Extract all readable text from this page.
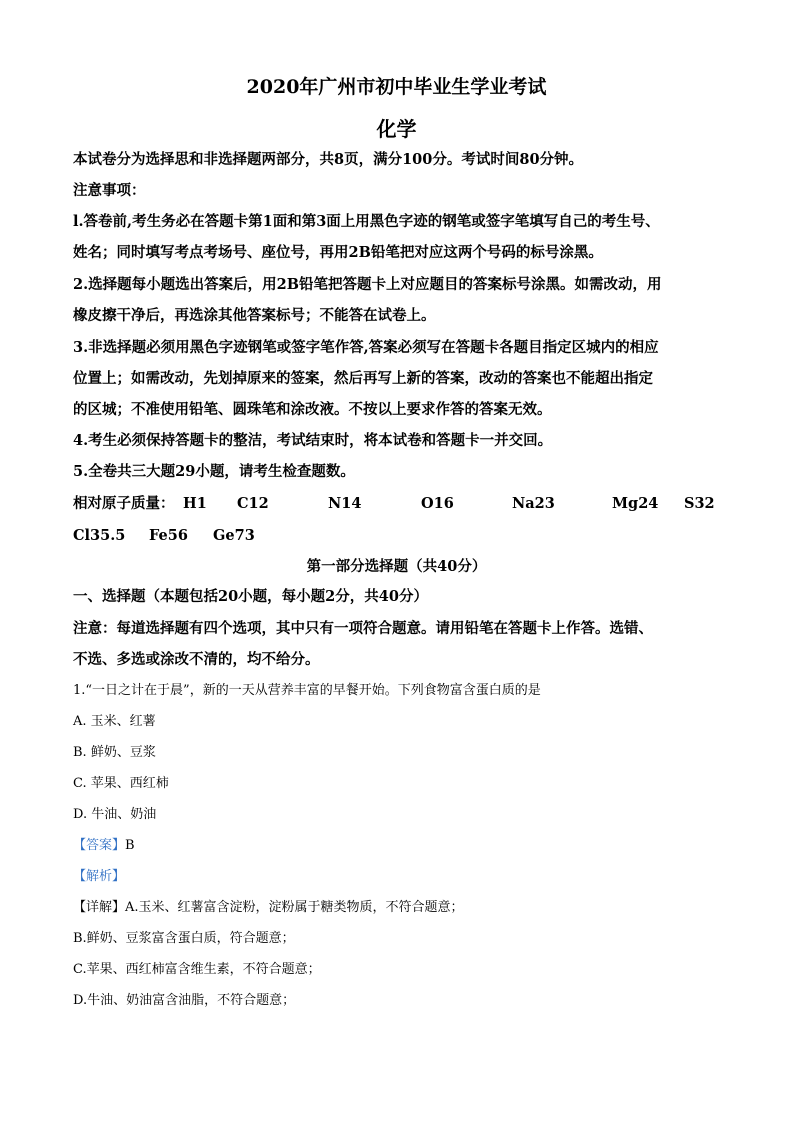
2020年广州市初中毕业生学业考试
化学
本试卷分为选择思和非选择题两部分，共8页，满分100分。考试时间80分钟。
注意事项：
l.答卷前,考生务必在答题卡第1面和第3面上用黑色字迹的钢笔或签字笔填写自己的考生号、
姓名；同时填写考点考场号、座位号，再用2B铅笔把对应这两个号码的标号涂黑。
2.选择题每小题选出答案后，用2B铅笔把答题卡上对应题目的答案标号涂黑。如需改动，用
橡皮擦干净后，再选涂其他答案标号；不能答在试卷上。
3.非选择题必须用黑色字迹钢笔或签字笔作答,答案必须写在答题卡各题目指定区城内的相应
位置上；如需改动，先划掉原来的签案，然后再写上新的答案，改动的答案也不能超出指定
的区城；不准使用铅笔、圆珠笔和涂改液。不按以上要求作答的答案无效。
4.考生必须保持答题卡的整洁，考试结束时，将本试卷和答题卡一并交回。
5.全卷共三大题29小题，请考生检查题数。
相对原子质量： H1 C12	N14	O16	Na23	Mg24 S32
Cl35.5 Fe56 Ge73
第一部分选择题（共40分）
一、选择题（本题包括20小题，每小题2分，共40分）
注意：每道选择题有四个选项，其中只有一项符合题意。请用铅笔在答题卡上作答。选错、
不选、多选或涂改不清的，均不给分。
1.“一日之计在于晨”，新的一天从营养丰富的早餐开始。下列食物富含蛋白质的是
A. 玉米、红薯
B. 鲜奶、豆浆
C. 苹果、西红柿
D. 牛油、奶油
【答案】B
【解析】
【详解】A.玉米、红薯富含淀粉，淀粉属于糖类物质，不符合题意；
B.鲜奶、豆浆富含蛋白质，符合题意；
C.苹果、西红柿富含维生素，不符合题意；
D.牛油、奶油富含油脂，不符合题意；
